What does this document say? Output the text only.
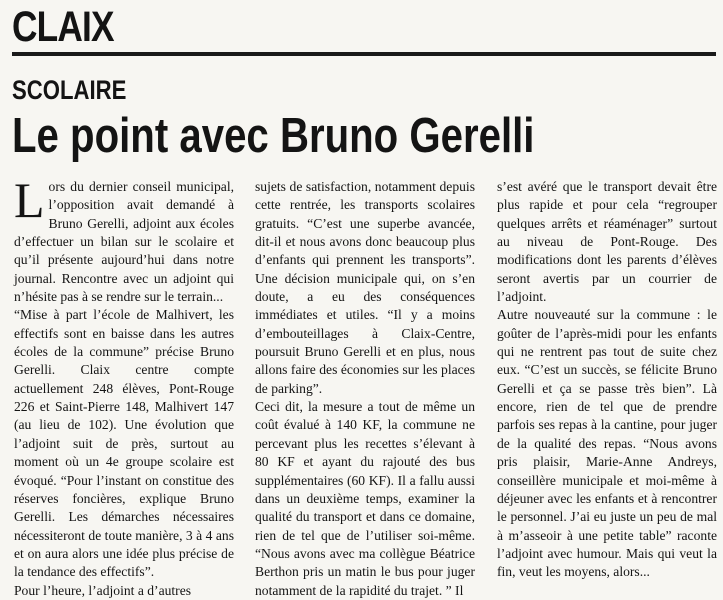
CLAIX
SCOLAIRE
Le point avec Bruno Gerelli

Lors du dernier conseil municipal, l’opposition avait demandé à Bruno Gerelli, adjoint aux écoles d’effectuer un bilan sur le scolaire et qu’il présente aujourd’hui dans notre journal. Rencontre avec un adjoint qui n’hésite pas à se rendre sur le terrain...

“Mise à part l’école de Malhivert, les effectifs sont en baisse dans les autres écoles de la commune” précise Bruno Gerelli. Claix centre compte actuellement 248 élèves, Pont-Rouge 226 et Saint-Pierre 148, Malhivert 147 (au lieu de 102). Une évolution que l’adjoint suit de près, surtout au moment où un 4e groupe scolaire est évoqué. “Pour l’instant on constitue des réserves foncières, explique Bruno Gerelli. Les démarches nécessaires nécessiteront de toute manière, 3 à 4 ans et on aura alors une idée plus précise de la tendance des effectifs”.

Pour l’heure, l’adjoint a d’autres

sujets de satisfaction, notamment depuis cette rentrée, les transports scolaires gratuits. “C’est une superbe avancée, dit-il et nous avons donc beaucoup plus d’enfants qui prennent les transports”. Une décision municipale qui, on s’en doute, a eu des conséquences immédiates et utiles. “Il y a moins d’embouteillages à Claix-Centre, poursuit Bruno Gerelli et en plus, nous allons faire des économies sur les places de parking”.

Ceci dit, la mesure a tout de même un coût évalué à 140 KF, la commune ne percevant plus les recettes s’élevant à 80 KF et ayant du rajouté des bus supplémentaires (60 KF). Il a fallu aussi dans un deuxième temps, examiner la qualité du transport et dans ce domaine, rien de tel que de l’utiliser soi-même. “Nous avons avec ma collègue Béatrice Berthon pris un matin le bus pour juger notamment de la rapidité du trajet. ” Il

s’est avéré que le transport devait être plus rapide et pour cela “regrouper quelques arrêts et réaménager” surtout au niveau de Pont-Rouge. Des modifications dont les parents d’élèves seront avertis par un courrier de l’adjoint.

Autre nouveauté sur la commune : le goûter de l’après-midi pour les enfants qui ne rentrent pas tout de suite chez eux. “C’est un succès, se félicite Bruno Gerelli et ça se passe très bien”. Là encore, rien de tel que de prendre parfois ses repas à la cantine, pour juger de la qualité des repas. “Nous avons pris plaisir, Marie-Anne Andreys, conseillère municipale et moi-même à déjeuner avec les enfants et à rencontrer le personnel. J’ai eu juste un peu de mal à m’asseoir à une petite table” raconte l’adjoint avec humour. Mais qui veut la fin, veut les moyens, alors...
